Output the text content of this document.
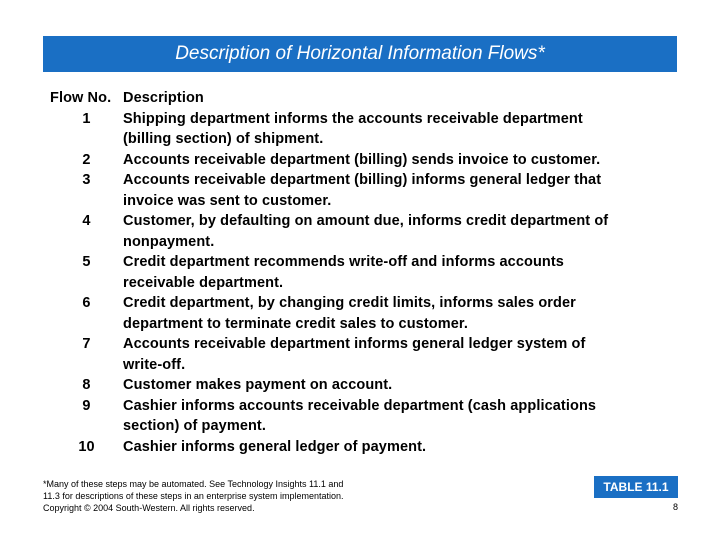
Description of Horizontal Information Flows*
Flow No. Description
1	Shipping department informs the accounts receivable department
(billing section) of shipment.
2	Accounts receivable department (billing) sends invoice to customer.
3	Accounts receivable department (billing) informs general ledger that
invoice was sent to customer.
4	Customer, by defaulting on amount due, informs credit department of
nonpayment.
5	Credit department recommends write-off and informs accounts
receivable department.
6	Credit department, by changing credit limits, informs sales order
department to terminate credit sales to customer.
7	Accounts receivable department informs general ledger system of
write-off.
8	Customer makes payment on account.
9	Cashier informs accounts receivable department (cash applications
section) of payment.
10	Cashier informs general ledger of payment.
*Many of these steps may be automated. See Technology Insights 11.1 and
11.3 for descriptions of these steps in an enterprise system implementation.
Copyright © 2004 South-Western. All rights reserved.
TABLE 11.1
8
